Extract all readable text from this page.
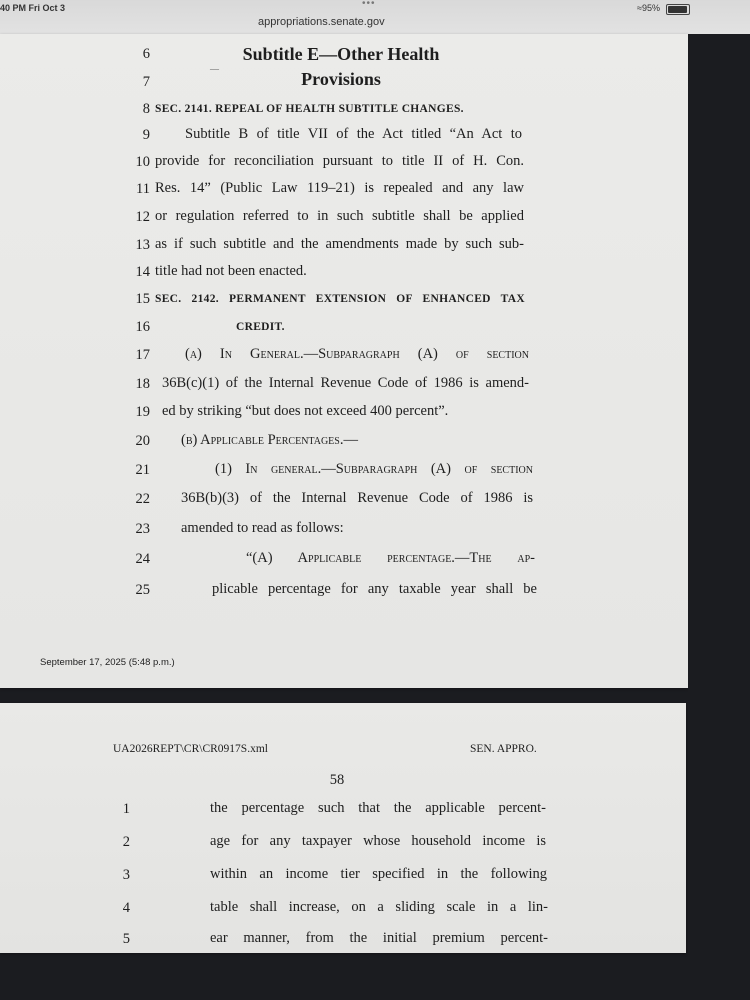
40 PM Fri Oct 3	•••
appropriations.senate.gov
≈ 95%
—
6	Subtitle E—Other Health
7	Provisions
8 SEC. 2141. REPEAL OF HEALTH SUBTITLE CHANGES.
9 Subtitle B of title VII of the Act titled “An Act to
10 provide for reconciliation pursuant to title II of H. Con.
11 Res. 14” (Public Law 119–21) is repealed and any law
12 or regulation referred to in such subtitle shall be applied
13 as if such subtitle and the amendments made by such sub-
14 title had not been enacted.
15 SEC. 2142. PERMANENT EXTENSION OF ENHANCED TAX
16	CREDIT.
17 (a) In General.—Subparagraph (A) of section
18 36B(c)(1) of the Internal Revenue Code of 1986 is amend-
19 ed by striking “but does not exceed 400 percent”.
20 (b) Applicable Percentages.—
21	(1) In general.—Subparagraph (A) of section
22 36B(b)(3) of the Internal Revenue Code of 1986 is
23 amended to read as follows:
24	“(A) Applicable percentage.—The ap-
25	plicable percentage for any taxable year shall be
September 17, 2025 (5:48 p.m.)
UA2026REPT\CR\CR0917S.xml	SEN. APPRO.
58
1	the percentage such that the applicable percent-
2	age for any taxpayer whose household income is
3	within an income tier specified in the following
4	table shall increase, on a sliding scale in a lin-
5	ear manner, from the initial premium percent-
